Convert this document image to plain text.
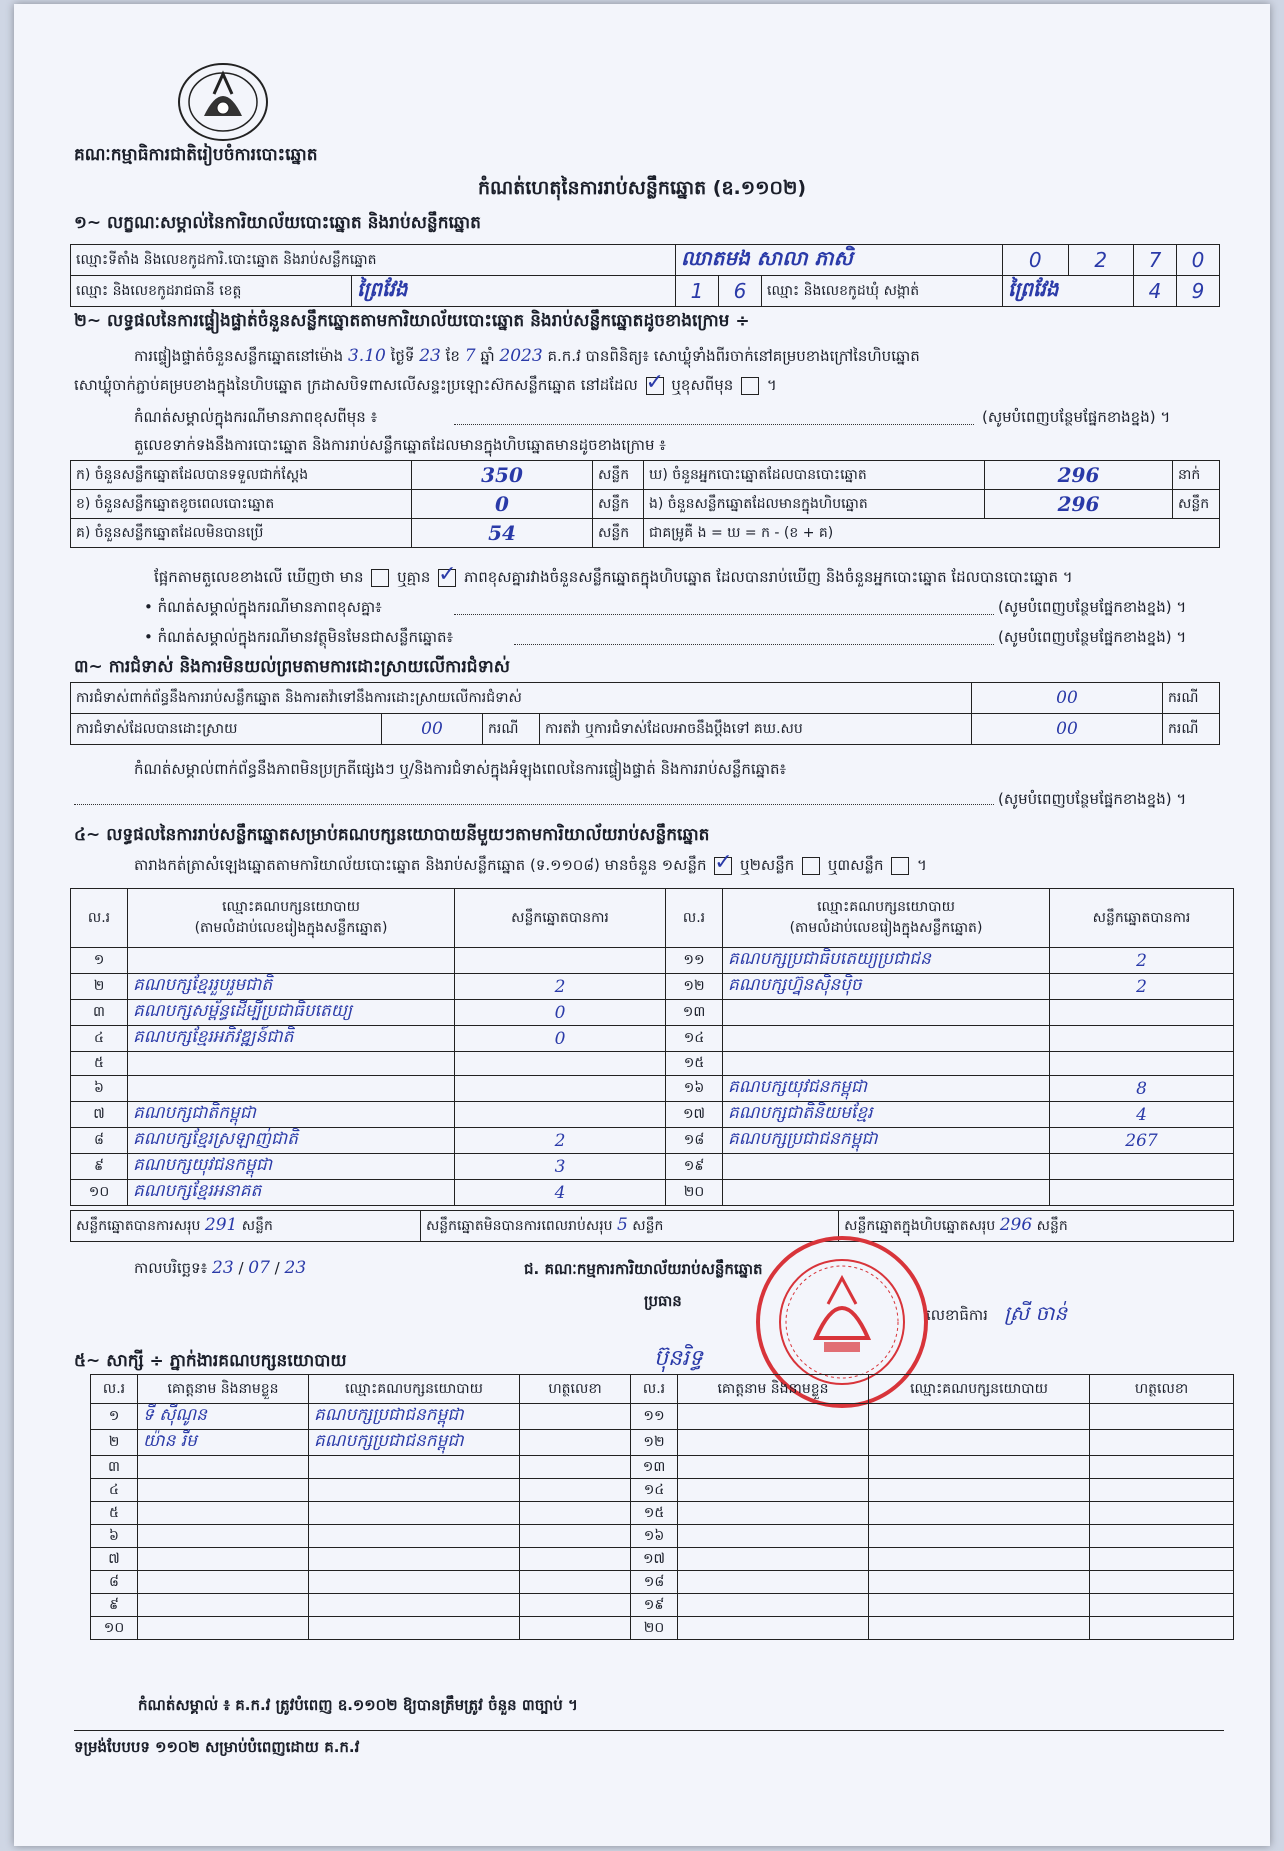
គណៈកម្មាធិការជាតិរៀបចំការបោះឆ្នោត
កំណត់ហេតុនៃការរាប់សន្លឹកឆ្នោត (ឧ.១១០២)
១~ លក្ខណៈសម្គាល់នៃការិយាល័យបោះឆ្នោត និងរាប់សន្លឹកឆ្នោត
ឈ្មោះទីតាំង និងលេខកូដការិ.បោះឆ្នោត និងរាប់សន្លឹកឆ្នោត		ឈាតមង សាលា ភាសិ			0	2	7	0
ឈ្មោះ និងលេខកូដរាជធានី ខេត្ត	ព្រៃវែង	1	6	ឈ្មោះ និងលេខកូដឃុំ សង្កាត់	ព្រៃវែង		4	9
២~ លទ្ធផលនៃការផ្ទៀងផ្ទាត់ចំនួនសន្លឹកឆ្នោតតាមការិយាល័យបោះឆ្នោត និងរាប់សន្លឹកឆ្នោតដូចខាងក្រោម ÷
ការផ្ទៀងផ្ទាត់ចំនួនសន្លឹកឆ្នោតនៅម៉ោង 3.10 ថ្ងៃទី 23 ខែ 7 ឆ្នាំ 2023 គ.ក.វ បានពិនិត្យ៖ សោឃ្លុំទាំងពីរចាក់នៅគម្របខាងក្រៅនៃហិបឆ្នោត
សោឃ្លុំចាក់ភ្ជាប់គម្របខាងក្នុងនៃហិបឆ្នោត ក្រដាសបិទពាសលើសន្ទះប្រឡោះស៊កសន្លឹកឆ្នោត នៅដដែល ✓ ឬខុសពីមុន  ។
កំណត់សម្គាល់ក្នុងករណីមានភាពខុសពីមុន ៖	(សូមបំពេញបន្ថែមផ្នែកខាងខ្នង) ។
តួលេខទាក់ទងនឹងការបោះឆ្នោត និងការរាប់សន្លឹកឆ្នោតដែលមានក្នុងហិបឆ្នោតមានដូចខាងក្រោម ៖
ក) ចំនួនសន្លឹកឆ្នោតដែលបានទទួលជាក់ស្តែង	350	សន្លឹក	ឃ) ចំនួនអ្នកបោះឆ្នោតដែលបានបោះឆ្នោត	296	នាក់
ខ) ចំនួនសន្លឹកឆ្នោតខូចពេលបោះឆ្នោត	0	សន្លឹក	ង) ចំនួនសន្លឹកឆ្នោតដែលមានក្នុងហិបឆ្នោត	296	សន្លឹក
គ) ចំនួនសន្លឹកឆ្នោតដែលមិនបានប្រើ	54	សន្លឹក	ជាគម្រូគឺ ង = ឃ = ក - (ខ + គ)		
ផ្អែកតាមតួលេខខាងលើ ឃើញថា មាន ឬគ្មាន ✓ ភាពខុសគ្នារវាងចំនួនសន្លឹកឆ្នោតក្នុងហិបឆ្នោត ដែលបានរាប់ឃើញ និងចំនួនអ្នកបោះឆ្នោត ដែលបានបោះឆ្នោត ។
• កំណត់សម្គាល់ក្នុងករណីមានភាពខុសគ្នា៖	(សូមបំពេញបន្ថែមផ្នែកខាងខ្នង) ។
• កំណត់សម្គាល់ក្នុងករណីមានវត្ថុមិនមែនជាសន្លឹកឆ្នោត៖	(សូមបំពេញបន្ថែមផ្នែកខាងខ្នង) ។
៣~ ការជំទាស់ និងការមិនយល់ព្រមតាមការដោះស្រាយលើការជំទាស់
ការជំទាស់ពាក់ព័ន្ធនឹងការរាប់សន្លឹកឆ្នោត និងការតវ៉ាទៅនឹងការដោះស្រាយលើការជំទាស់				00	ករណី
ការជំទាស់ដែលបានដោះស្រាយ	00	ករណី	ការតវ៉ា ឬការជំទាស់ដែលអាចនឹងប្តឹងទៅ គឃ.សប	00	ករណី
កំណត់សម្គាល់ពាក់ព័ន្ធនឹងភាពមិនប្រក្រតីផ្សេងៗ ឬ/និងការជំទាស់ក្នុងអំឡុងពេលនៃការផ្ទៀងផ្ទាត់ និងការរាប់សន្លឹកឆ្នោត៖
(សូមបំពេញបន្ថែមផ្នែកខាងខ្នង) ។
៤~ លទ្ធផលនៃការរាប់សន្លឹកឆ្នោតសម្រាប់គណបក្សនយោបាយនីមួយៗតាមការិយាល័យរាប់សន្លឹកឆ្នោត
តារាងកត់ត្រាសំឡេងឆ្នោតតាមការិយាល័យបោះឆ្នោត និងរាប់សន្លឹកឆ្នោត (ទ.១១០៨) មានចំនួន ១សន្លឹក ✓ ឬ២សន្លឹក ឬ៣សន្លឹក  ។
ល.រ	ឈ្មោះគណបក្សនយោបាយ
(តាមលំដាប់លេខរៀងក្នុងសន្លឹកឆ្នោត)	សន្លឹកឆ្នោតបានការ	ល.រ	ឈ្មោះគណបក្សនយោបាយ
(តាមលំដាប់លេខរៀងក្នុងសន្លឹកឆ្នោត)	សន្លឹកឆ្នោតបានការ
១			១១	គណបក្សប្រជាធិបតេយ្យប្រជាជន	2
២	គណបក្សខ្មែររួបរួមជាតិ	2	១២	គណបក្សហ្វ៊ុនស៊ិនប៉ិច	2
៣	គណបក្សសម្ព័ន្ធដើម្បីប្រជាធិបតេយ្យ	0	១៣		
៤	គណបក្សខ្មែរអភិវឌ្ឍន៍ជាតិ	0	១៤		
៥			១៥		
៦			១៦	គណបក្សយុវជនកម្ពុជា	8
៧	គណបក្សជាតិកម្ពុជា		១៧	គណបក្សជាតិនិយមខ្មែរ	4
៨	គណបក្សខ្មែរស្រឡាញ់ជាតិ	2	១៨	គណបក្សប្រជាជនកម្ពុជា	267
៩	គណបក្សយុវជនកម្ពុជា	3	១៩		
១០	គណបក្សខ្មែរអនាគត	4	២០		
សន្លឹកឆ្នោតបានការសរុប 291 សន្លឹក	សន្លឹកឆ្នោតមិនបានការពេលរាប់សរុប 5 សន្លឹក	សន្លឹកឆ្នោតក្នុងហិបឆ្នោតសរុប 296 សន្លឹក
កាលបរិច្ឆេទ៖ 23 / 07 / 23	ជ. គណៈកម្មការការិយាល័យរាប់សន្លឹកឆ្នោត
ប្រធាន
ប៊ុនរិទ្ធ
លេខាធិការ ស្រី ចាន់
៥~ សាក្សី ÷ ភ្នាក់ងារគណបក្សនយោបាយ
ល.រ	គោត្តនាម និងនាមខ្លួន	ឈ្មោះគណបក្សនយោបាយ	ហត្ថលេខា	ល.រ	គោត្តនាម និងនាមខ្លួន	ឈ្មោះគណបក្សនយោបាយ	ហត្ថលេខា
១	ទី ស៊ីណូន	គណបក្សប្រជាជនកម្ពុជា		១១			
២	យ៉ាន រឹម	គណបក្សប្រជាជនកម្ពុជា		១២			
៣				១៣			
៤				១៤			
៥				១៥			
៦				១៦			
៧				១៧			
៨				១៨			
៩				១៩			
១០				២០			
កំណត់សម្គាល់ ៖ គ.ក.វ ត្រូវបំពេញ ឧ.១១០២ ឱ្យបានត្រឹមត្រូវ ចំនួន ៣ច្បាប់ ។
ទម្រង់បែបបទ ១១០២ សម្រាប់បំពេញដោយ គ.ក.វ
